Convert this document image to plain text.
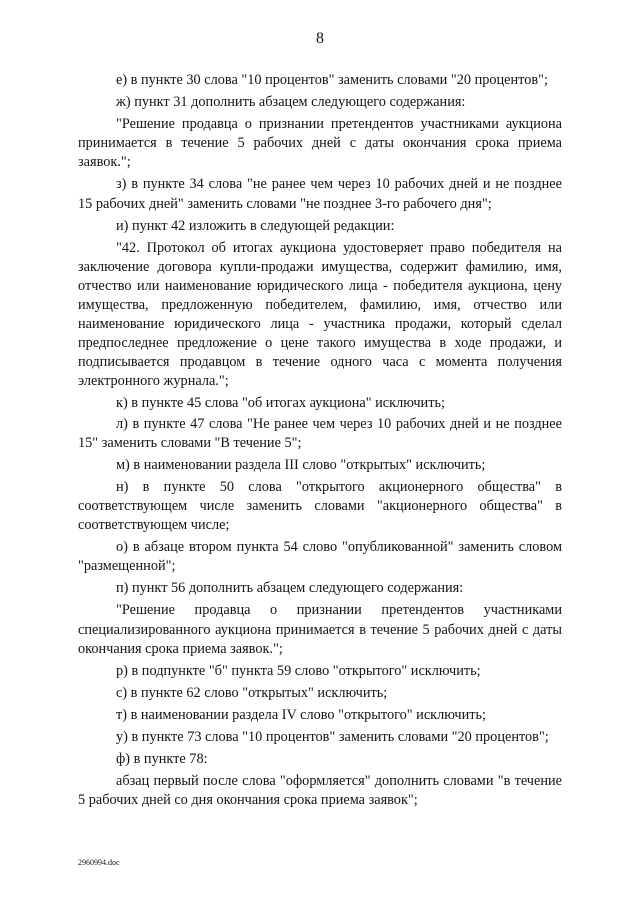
8

е) в пункте 30 слова "10 процентов" заменить словами "20 процентов";

ж) пункт 31 дополнить абзацем следующего содержания:

"Решение продавца о признании претендентов участниками аукциона принимается в течение 5 рабочих дней с даты окончания срока приема заявок.";

з) в пункте 34 слова "не ранее чем через 10 рабочих дней и не позднее 15 рабочих дней" заменить словами "не позднее 3-го рабочего дня";

и) пункт 42 изложить в следующей редакции:

"42. Протокол об итогах аукциона удостоверяет право победителя на заключение договора купли-продажи имущества, содержит фамилию, имя, отчество или наименование юридического лица - победителя аукциона, цену имущества, предложенную победителем, фамилию, имя, отчество или наименование юридического лица - участника продажи, который сделал предпоследнее предложение о цене такого имущества в ходе продажи, и подписывается продавцом в течение одного часа с момента получения электронного журнала.";

к) в пункте 45 слова "об итогах аукциона" исключить;

л) в пункте 47 слова "Не ранее чем через 10 рабочих дней и не позднее 15" заменить словами "В течение 5";

м) в наименовании раздела III слово "открытых" исключить;

н) в пункте 50 слова "открытого акционерного общества" в соответствующем числе заменить словами "акционерного общества" в соответствующем числе;

о) в абзаце втором пункта 54 слово "опубликованной" заменить словом "размещенной";

п) пункт 56 дополнить абзацем следующего содержания:

"Решение продавца о признании претендентов участниками специализированного аукциона принимается в течение 5 рабочих дней с даты окончания срока приема заявок.";

р) в подпункте "б" пункта 59 слово "открытого" исключить;

с) в пункте 62 слово "открытых" исключить;

т) в наименовании раздела IV слово "открытого" исключить;

у) в пункте 73 слова "10 процентов" заменить словами "20 процентов";

ф) в пункте 78:

абзац первый после слова "оформляется" дополнить словами "в течение 5 рабочих дней со дня окончания срока приема заявок";

2960994.doc
